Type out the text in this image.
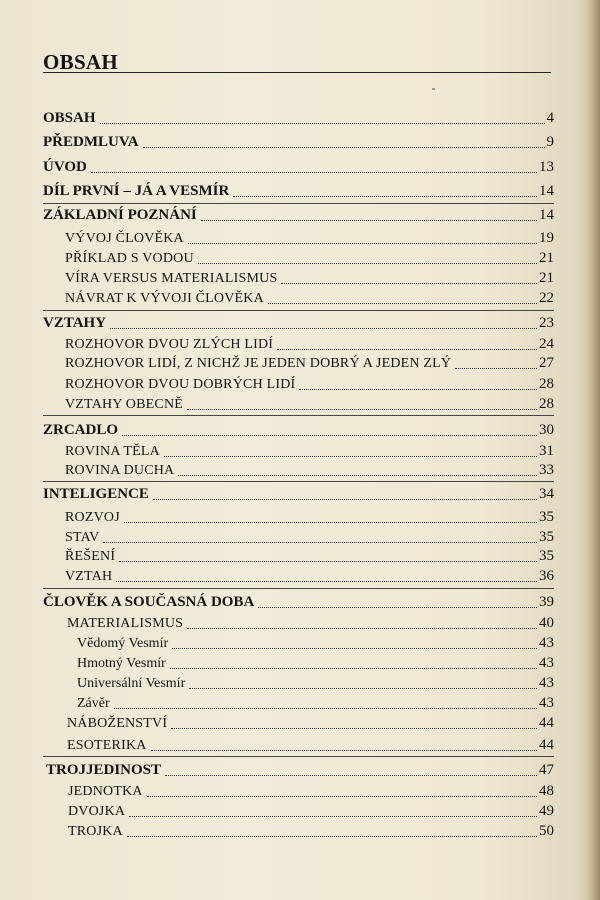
OBSAH
OBSAH	4
PŘEDMLUVA	9
ÚVOD	13
DÍL PRVNÍ – JÁ A VESMÍR	14
ZÁKLADNÍ POZNÁNÍ	14
VÝVOJ ČLOVĚKA	19
PŘÍKLAD S VODOU	21
VÍRA VERSUS MATERIALISMUS	21
NÁVRAT K VÝVOJI ČLOVĚKA	22
VZTAHY	23
ROZHOVOR DVOU ZLÝCH LIDÍ	24
ROZHOVOR LIDÍ, Z NICHŽ JE JEDEN DOBRÝ A JEDEN ZLÝ	27
ROZHOVOR DVOU DOBRÝCH LIDÍ	28
VZTAHY OBECNĚ	28
ZRCADLO	30
ROVINA TĚLA	31
ROVINA DUCHA	33
INTELIGENCE	34
ROZVOJ	35
STAV	35
ŘEŠENÍ	35
VZTAH	36
ČLOVĚK A SOUČASNÁ DOBA	39
MATERIALISMUS	40
Vědomý Vesmír	43
Hmotný Vesmír	43
Universální Vesmír	43
Závěr	43
NÁBOŽENSTVÍ	44
ESOTERIKA	44
TROJJEDINOST	47
JEDNOTKA	48
DVOJKA	49
TROJKA	50
